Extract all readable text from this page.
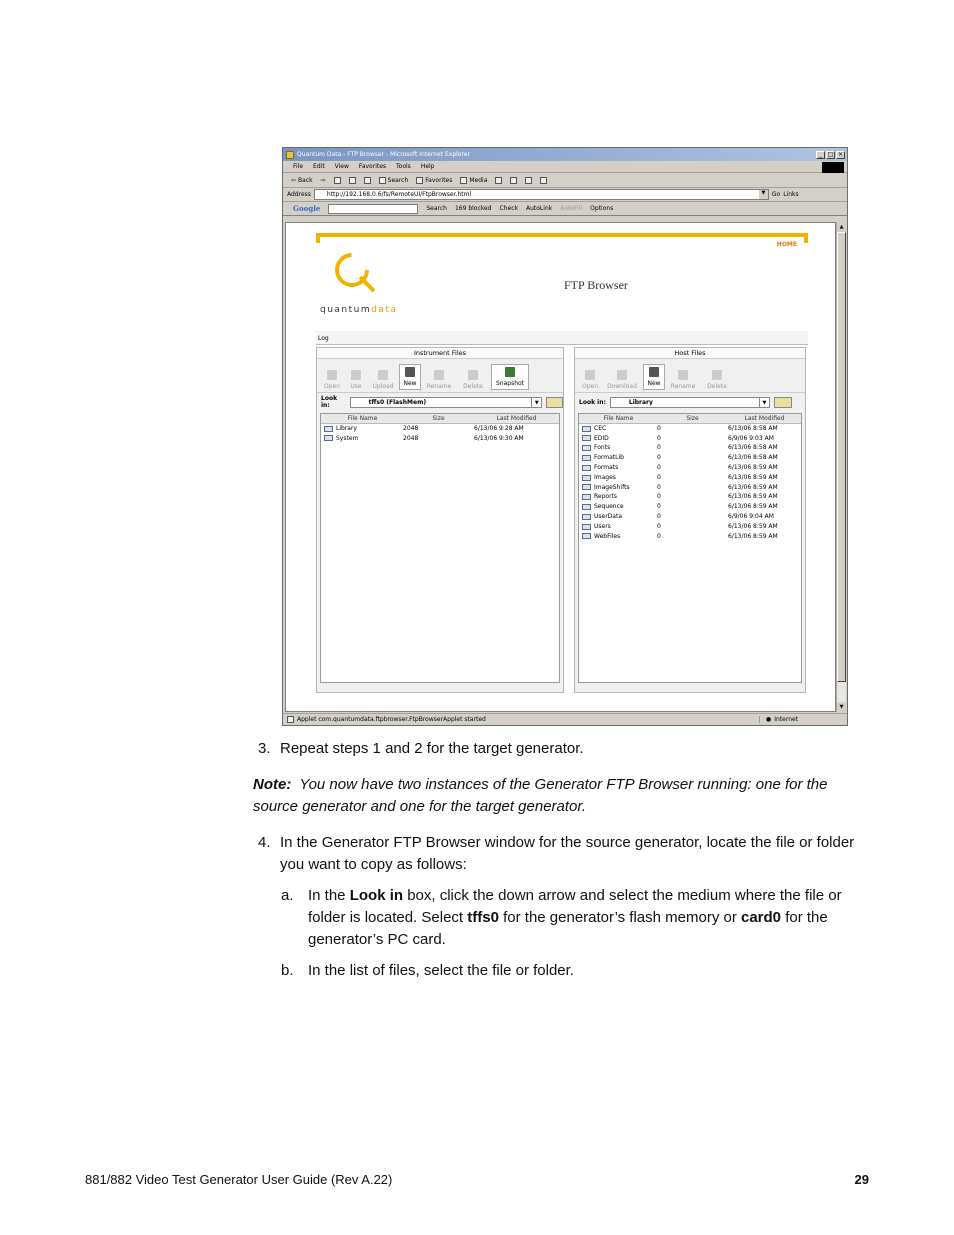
Quantum Data - FTP Browser - Microsoft Internet Explorer	_ □ ×
File Edit View Favorites Tools Help
⇦ Back ⇨	Search	Favorites	Media
Address	http://192.168.0.6/fs/RemoteUI/FtpBrowser.html	▼	Go Links
Google	Search 169 blocked Check AutoLink AutoFill Options
HOME
quantumdata
FTP Browser
Log
Instrument Files
Open Use Upload New Rename Delete Snapshot
Look in:	tffs0 (FlashMem)	▼
File Name	Size	Last Modified
Library	2048	6/13/06 9:28 AM
System	2048	6/13/06 9:30 AM
Host Files
Open Download New Rename Delete
Look in:	Library	▼
File Name	Size	Last Modified
CEC	0	6/13/06 8:58 AM
EDID	0	6/9/06 9:03 AM
Fonts	0	6/13/06 8:58 AM
FormatLib	0	6/13/06 8:58 AM
Formats	0	6/13/06 8:59 AM
Images	0	6/13/06 8:59 AM
ImageShifts	0	6/13/06 8:59 AM
Reports	0	6/13/06 8:59 AM
Sequence	0	6/13/06 8:59 AM
UserData	0	6/9/06 9:04 AM
Users	0	6/13/06 8:59 AM
WebFiles	0	6/13/06 8:59 AM
▲
▼
Applet com.quantumdata.ftpbrowser.FtpBrowserApplet started	● Internet
3. Repeat steps 1 and 2 for the target generator.
Note: You now have two instances of the Generator FTP Browser running: one for the source generator and one for the target generator.
4. In the Generator FTP Browser window for the source generator, locate the file or folder you want to copy as follows:
a. In the Look in box, click the down arrow and select the medium where the file or folder is located. Select tffs0 for the generator’s flash memory or card0 for the generator’s PC card.
b. In the list of files, select the file or folder.
881/882 Video Test Generator User Guide (Rev A.22)	29
